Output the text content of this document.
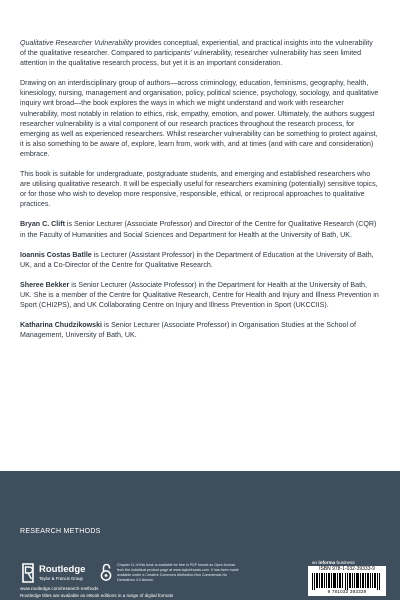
Qualitative Researcher Vulnerability provides conceptual, experiential, and practical insights into the vulnerability of the qualitative researcher. Compared to participants’ vulnerability, researcher vulnerability has seen limited attention in the qualitative research process, but yet it is an important consideration.

Drawing on an interdisciplinary group of authors—across criminology, education, feminisms, geography, health, kinesiology, nursing, management and organisation, policy, political science, psychology, sociology, and qualitative inquiry writ broad—the book explores the ways in which we might understand and work with researcher vulnerability, most notably in relation to ethics, risk, empathy, emotion, and power. Ultimately, the authors suggest researcher vulnerability is a vital component of our research practices throughout the research process, for emerging as well as experienced researchers. Whilst researcher vulnerability can be something to protect against, it is also something to be aware of, explore, learn from, work with, and at times (and with care and consideration) embrace.

This book is suitable for undergraduate, postgraduate students, and emerging and established researchers who are utilising qualitative research. It will be especially useful for researchers examining (potentially) sensitive topics, or for those who wish to develop more responsive, responsible, ethical, or reciprocal approaches to qualitative practices.

Bryan C. Clift is Senior Lecturer (Associate Professor) and Director of the Centre for Qualitative Research (CQR) in the Faculty of Humanities and Social Sciences and Department for Health at the University of Bath, UK.

Ioannis Costas Batlle is Lecturer (Assistant Professor) in the Department of Education at the University of Bath, UK, and a Co-Director of the Centre for Qualitative Research.

Sheree Bekker is Senior Lecturer (Associate Professor) in the Department for Health at the University of Bath, UK. She is a member of the Centre for Qualitative Research, Centre for Health and Injury and Illness Prevention in Sport (CHI2PS), and UK Collaborating Centre on Injury and Illness Prevention in Sport (UKCCIIS).

Katharina Chudzikowski is Senior Lecturer (Associate Professor) in Organisation Studies at the School of Management, University of Bath, UK.

RESEARCH METHODS
Routledge
Taylor & Francis Group
Chapter 11 of this book is available for free in PDF format as Open Access from the individual product page at www.taylorfrancis.com. It has been made available under a Creative Commons Attribution-Non Commercial-No Derivatives 4.0 license.
www.routledge.com/research-methods
Routledge titles are available as eBook editions in a range of digital formats
an informa business
ISBN 978-1-032-39333-9
9 781032 393339
